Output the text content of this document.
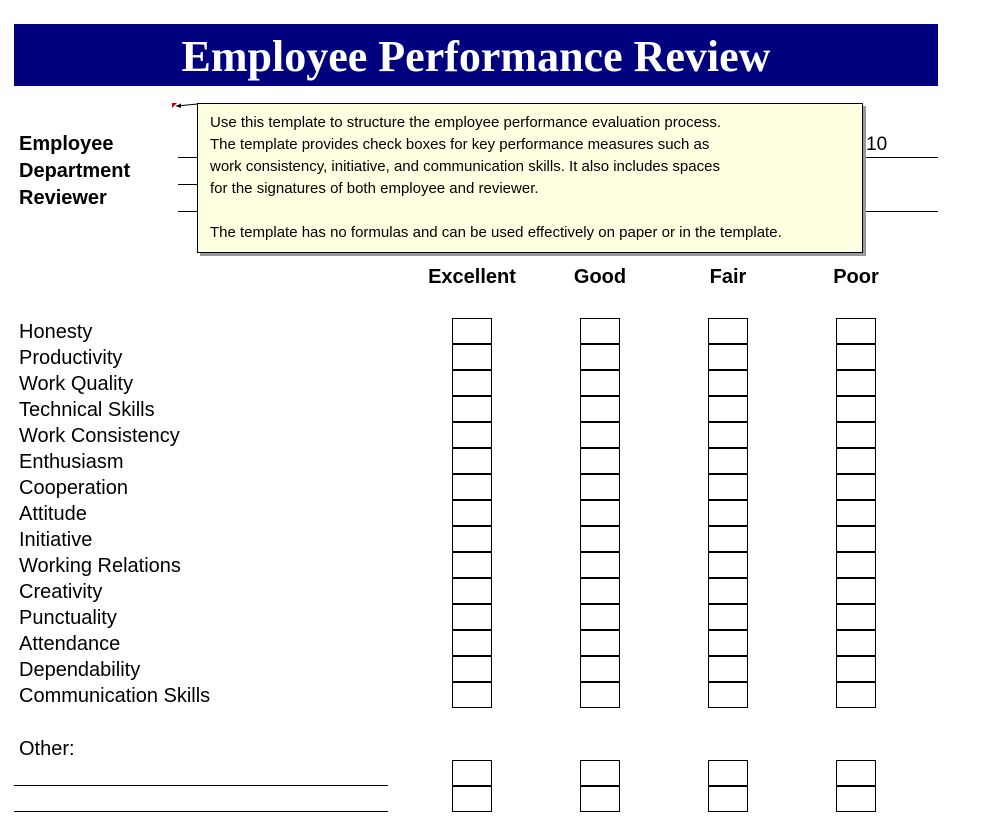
Employee Performance Review
Employee
Department
Reviewer
10

Use this template to structure the employee performance evaluation process.
The template provides check boxes for key performance measures such as
work consistency, initiative, and communication skills. It also includes spaces
for the signatures of both employee and reviewer.

The template has no formulas and can be used effectively on paper or in the template.

Excellent	Good	Fair	Poor
Honesty
Productivity
Work Quality
Technical Skills
Work Consistency
Enthusiasm
Cooperation
Attitude
Initiative
Working Relations
Creativity
Punctuality
Attendance
Dependability
Communication Skills
Other:
